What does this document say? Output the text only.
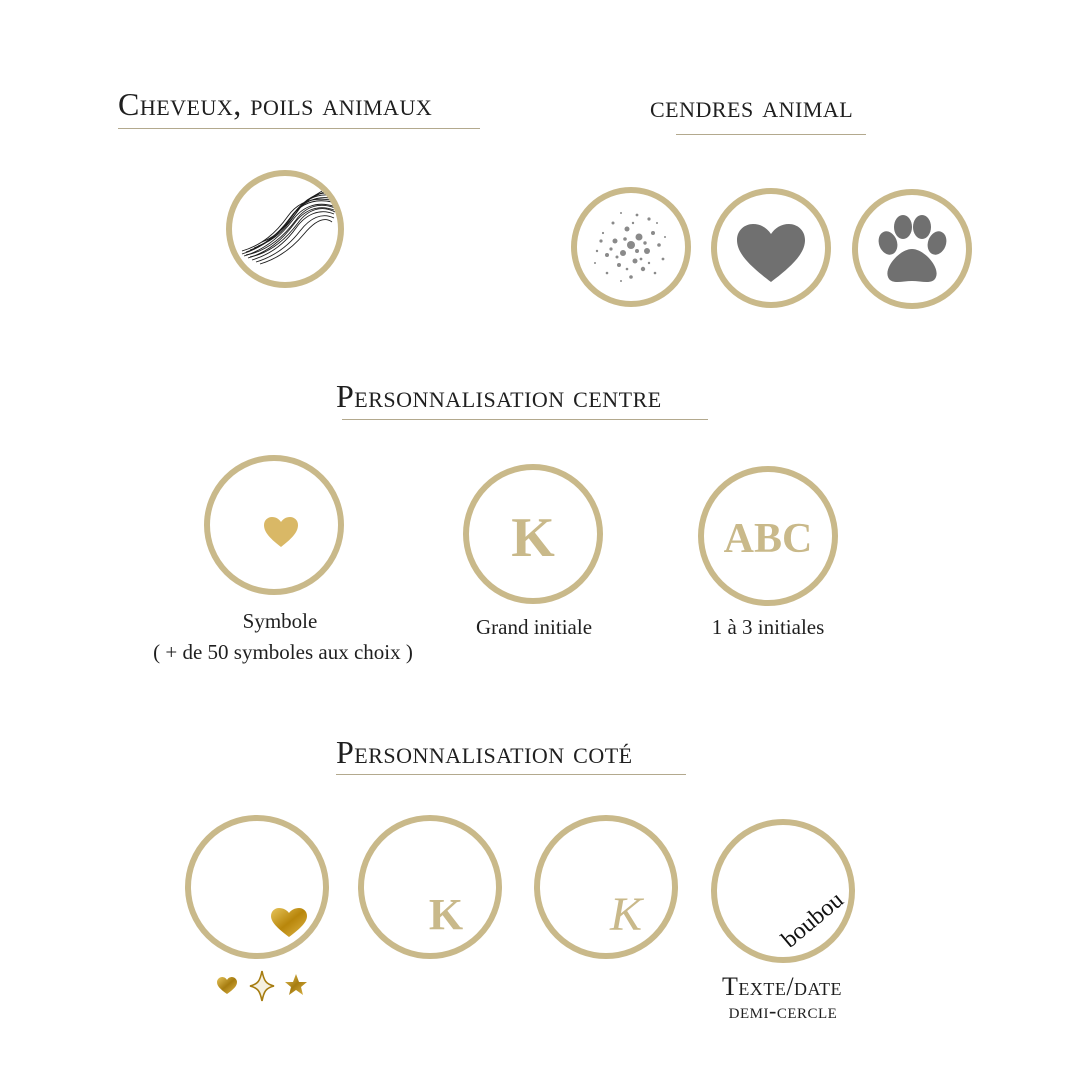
Cheveux, poils animaux	cendres animal
Personnalisation centre
Symbole
( + de 50 symboles aux choix )
K
Grand initiale
ABC
1 à 3 initiales
Personnalisation coté
K	K	boubou
Texte/date
demi-cercle
